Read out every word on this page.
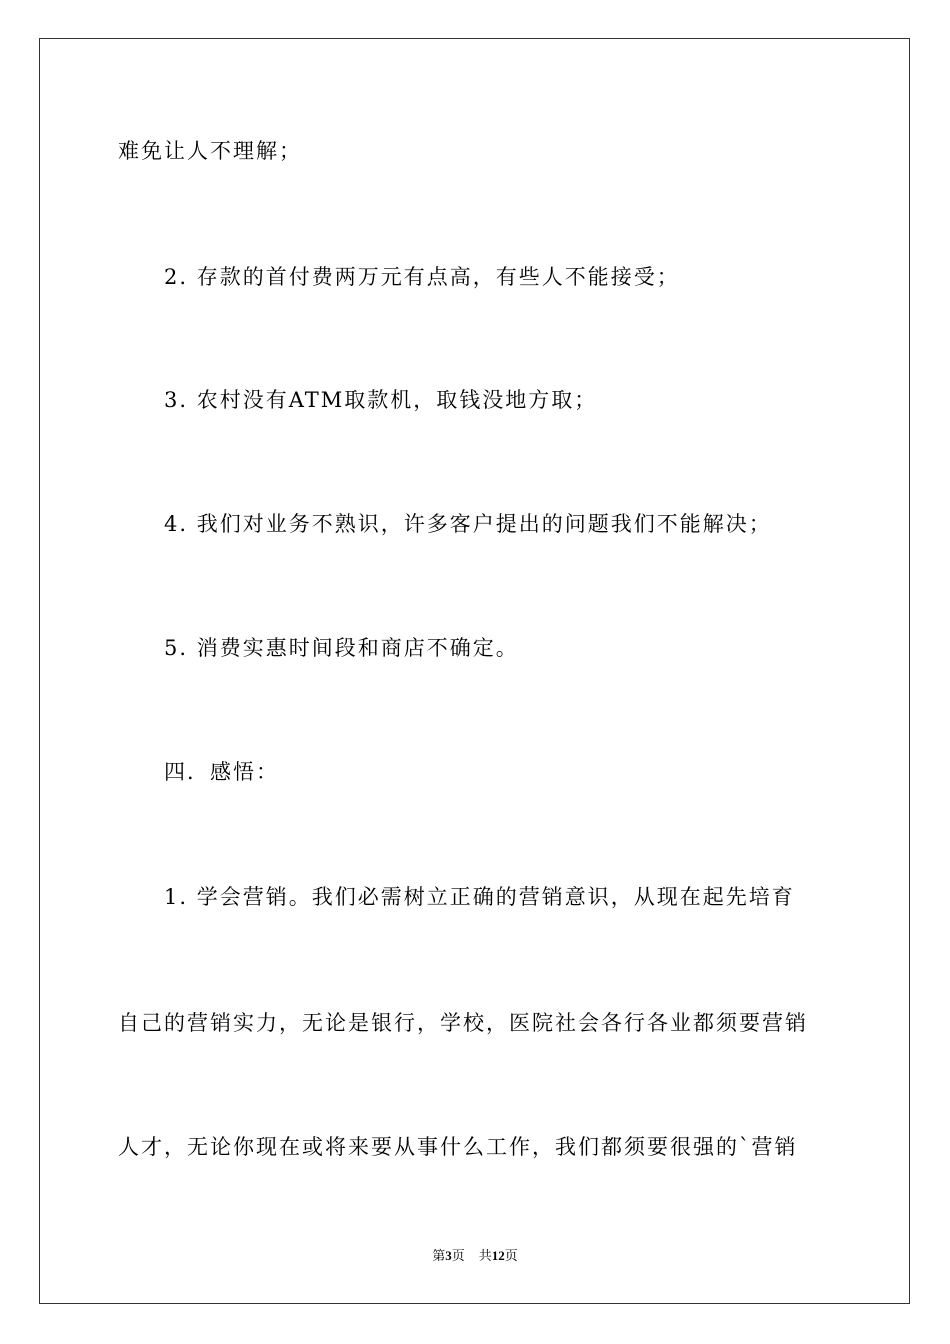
难免让人不理解；
2. 存款的首付费两万元有点高，有些人不能接受；
3. 农村没有ATM取款机，取钱没地方取；
4. 我们对业务不熟识，许多客户提出的问题我们不能解决；
5. 消费实惠时间段和商店不确定。
四．感悟：
1. 学会营销。我们必需树立正确的营销意识，从现在起先培育
自己的营销实力，无论是银行，学校，医院社会各行各业都须要营销
人才，无论你现在或将来要从事什么工作，我们都须要很强的`营销
第3页 共12页
